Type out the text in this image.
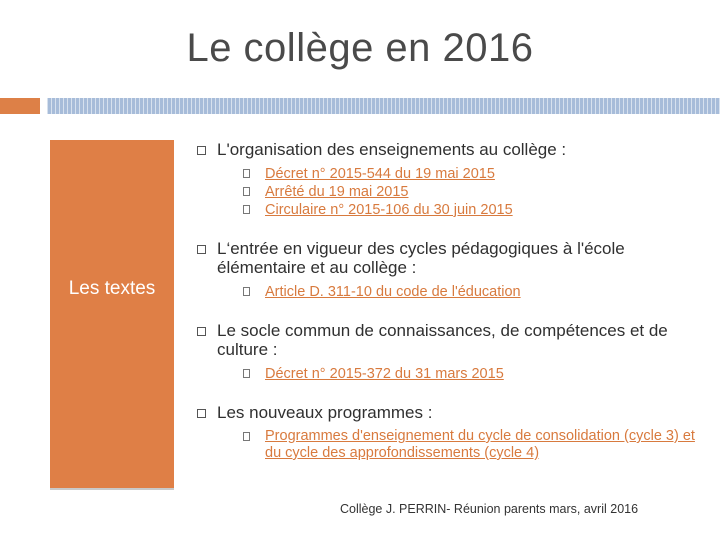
Le collège en 2016
Les textes
L'organisation des enseignements au collège :
Décret n° 2015-544 du 19 mai 2015
Arrêté du 19 mai 2015
Circulaire n° 2015-106 du 30 juin 2015
L‘entrée en vigueur des cycles pédagogiques à l'école élémentaire et au collège :
Article D. 311-10 du code de l'éducation
Le socle commun de connaissances, de compétences et de culture :
Décret n° 2015-372 du 31 mars 2015
Les nouveaux programmes :
Programmes d'enseignement du cycle de consolidation (cycle 3) et du cycle des approfondissements (cycle 4)
Collège J. PERRIN- Réunion parents mars, avril 2016
